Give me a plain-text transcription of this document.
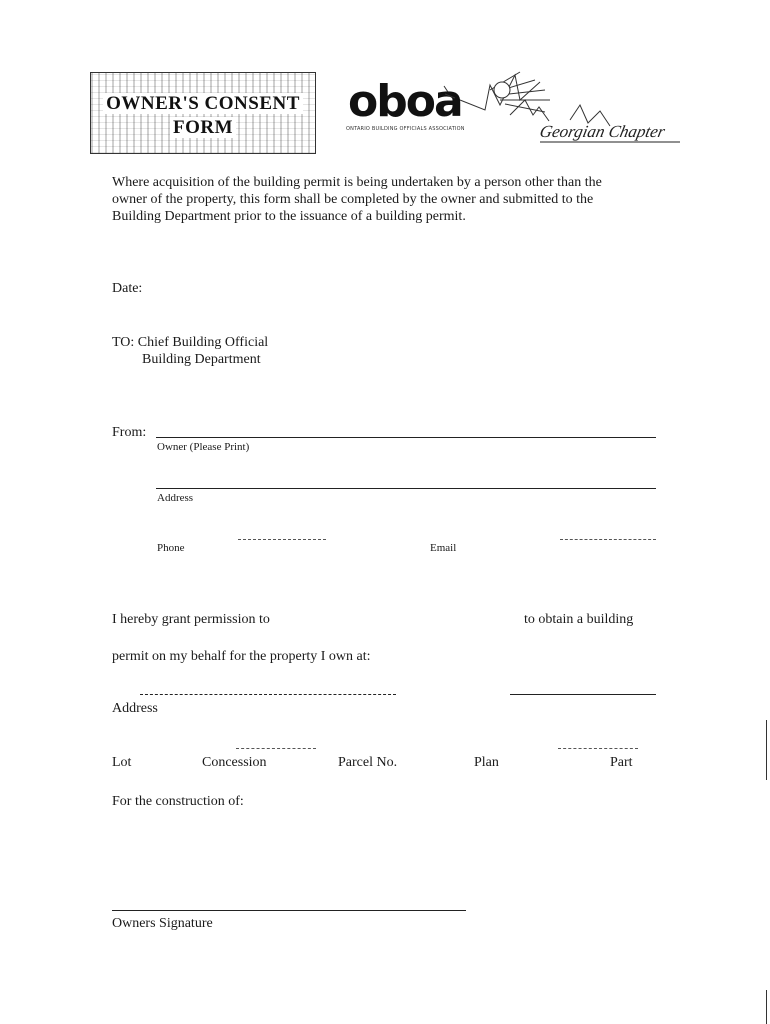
OWNER'S CONSENT
FORM
oboa
ONTARIO BUILDING OFFICIALS ASSOCIATION	Georgian Chapter
Where acquisition of the building permit is being undertaken by a person other than the
owner of the property, this form shall be completed by the owner and submitted to the
Building Department prior to the issuance of a building permit.
Date:
TO: Chief Building Official
Building Department
From:
Owner (Please Print)
Address
Phone	Email
I hereby grant permission to	to obtain a building
permit on my behalf for the property I own at:
Address
Lot	Concession	Parcel No.	Plan	Part
For the construction of:
Owners Signature
